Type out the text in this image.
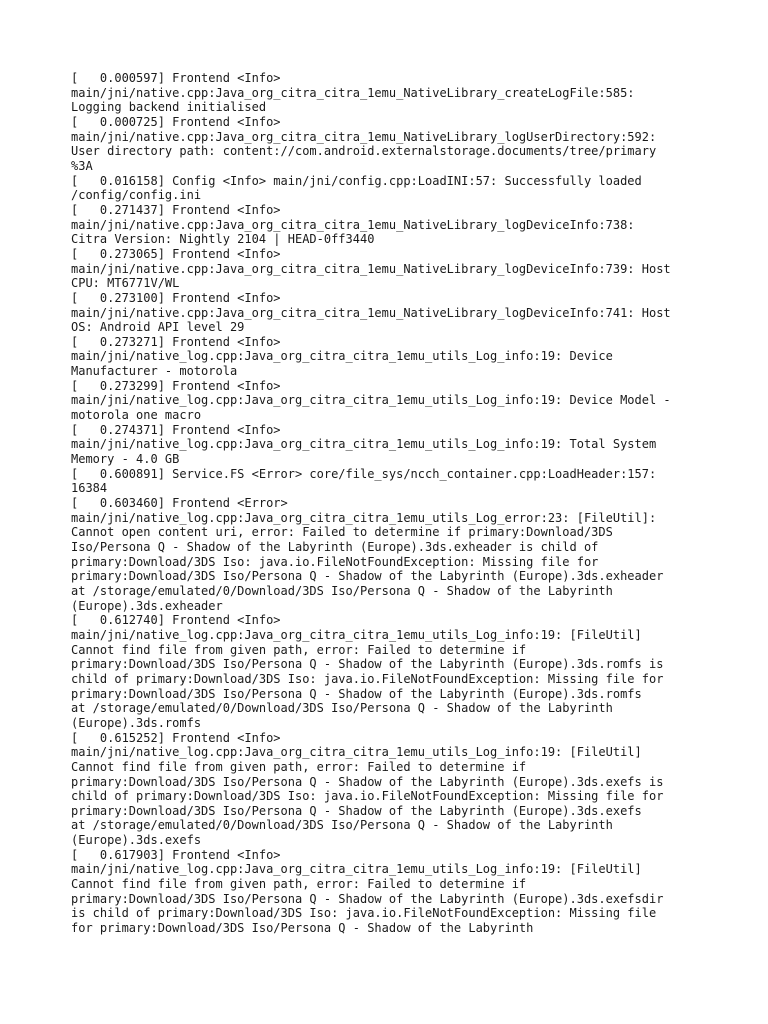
[   0.000597] Frontend <Info>
main/jni/native.cpp:Java_org_citra_citra_1emu_NativeLibrary_createLogFile:585:
Logging backend initialised
[   0.000725] Frontend <Info>
main/jni/native.cpp:Java_org_citra_citra_1emu_NativeLibrary_logUserDirectory:592:
User directory path: content://com.android.externalstorage.documents/tree/primary
%3A
[   0.016158] Config <Info> main/jni/config.cpp:LoadINI:57: Successfully loaded
/config/config.ini
[   0.271437] Frontend <Info>
main/jni/native.cpp:Java_org_citra_citra_1emu_NativeLibrary_logDeviceInfo:738:
Citra Version: Nightly 2104 | HEAD-0ff3440
[   0.273065] Frontend <Info>
main/jni/native.cpp:Java_org_citra_citra_1emu_NativeLibrary_logDeviceInfo:739: Host
CPU: MT6771V/WL
[   0.273100] Frontend <Info>
main/jni/native.cpp:Java_org_citra_citra_1emu_NativeLibrary_logDeviceInfo:741: Host
OS: Android API level 29
[   0.273271] Frontend <Info>
main/jni/native_log.cpp:Java_org_citra_citra_1emu_utils_Log_info:19: Device
Manufacturer - motorola
[   0.273299] Frontend <Info>
main/jni/native_log.cpp:Java_org_citra_citra_1emu_utils_Log_info:19: Device Model -
motorola one macro
[   0.274371] Frontend <Info>
main/jni/native_log.cpp:Java_org_citra_citra_1emu_utils_Log_info:19: Total System
Memory - 4.0 GB
[   0.600891] Service.FS <Error> core/file_sys/ncch_container.cpp:LoadHeader:157:
16384
[   0.603460] Frontend <Error>
main/jni/native_log.cpp:Java_org_citra_citra_1emu_utils_Log_error:23: [FileUtil]:
Cannot open content uri, error: Failed to determine if primary:Download/3DS
Iso/Persona Q - Shadow of the Labyrinth (Europe).3ds.exheader is child of
primary:Download/3DS Iso: java.io.FileNotFoundException: Missing file for
primary:Download/3DS Iso/Persona Q - Shadow of the Labyrinth (Europe).3ds.exheader
at /storage/emulated/0/Download/3DS Iso/Persona Q - Shadow of the Labyrinth
(Europe).3ds.exheader
[   0.612740] Frontend <Info>
main/jni/native_log.cpp:Java_org_citra_citra_1emu_utils_Log_info:19: [FileUtil]
Cannot find file from given path, error: Failed to determine if
primary:Download/3DS Iso/Persona Q - Shadow of the Labyrinth (Europe).3ds.romfs is
child of primary:Download/3DS Iso: java.io.FileNotFoundException: Missing file for
primary:Download/3DS Iso/Persona Q - Shadow of the Labyrinth (Europe).3ds.romfs
at /storage/emulated/0/Download/3DS Iso/Persona Q - Shadow of the Labyrinth
(Europe).3ds.romfs
[   0.615252] Frontend <Info>
main/jni/native_log.cpp:Java_org_citra_citra_1emu_utils_Log_info:19: [FileUtil]
Cannot find file from given path, error: Failed to determine if
primary:Download/3DS Iso/Persona Q - Shadow of the Labyrinth (Europe).3ds.exefs is
child of primary:Download/3DS Iso: java.io.FileNotFoundException: Missing file for
primary:Download/3DS Iso/Persona Q - Shadow of the Labyrinth (Europe).3ds.exefs
at /storage/emulated/0/Download/3DS Iso/Persona Q - Shadow of the Labyrinth
(Europe).3ds.exefs
[   0.617903] Frontend <Info>
main/jni/native_log.cpp:Java_org_citra_citra_1emu_utils_Log_info:19: [FileUtil]
Cannot find file from given path, error: Failed to determine if
primary:Download/3DS Iso/Persona Q - Shadow of the Labyrinth (Europe).3ds.exefsdir
is child of primary:Download/3DS Iso: java.io.FileNotFoundException: Missing file
for primary:Download/3DS Iso/Persona Q - Shadow of the Labyrinth
